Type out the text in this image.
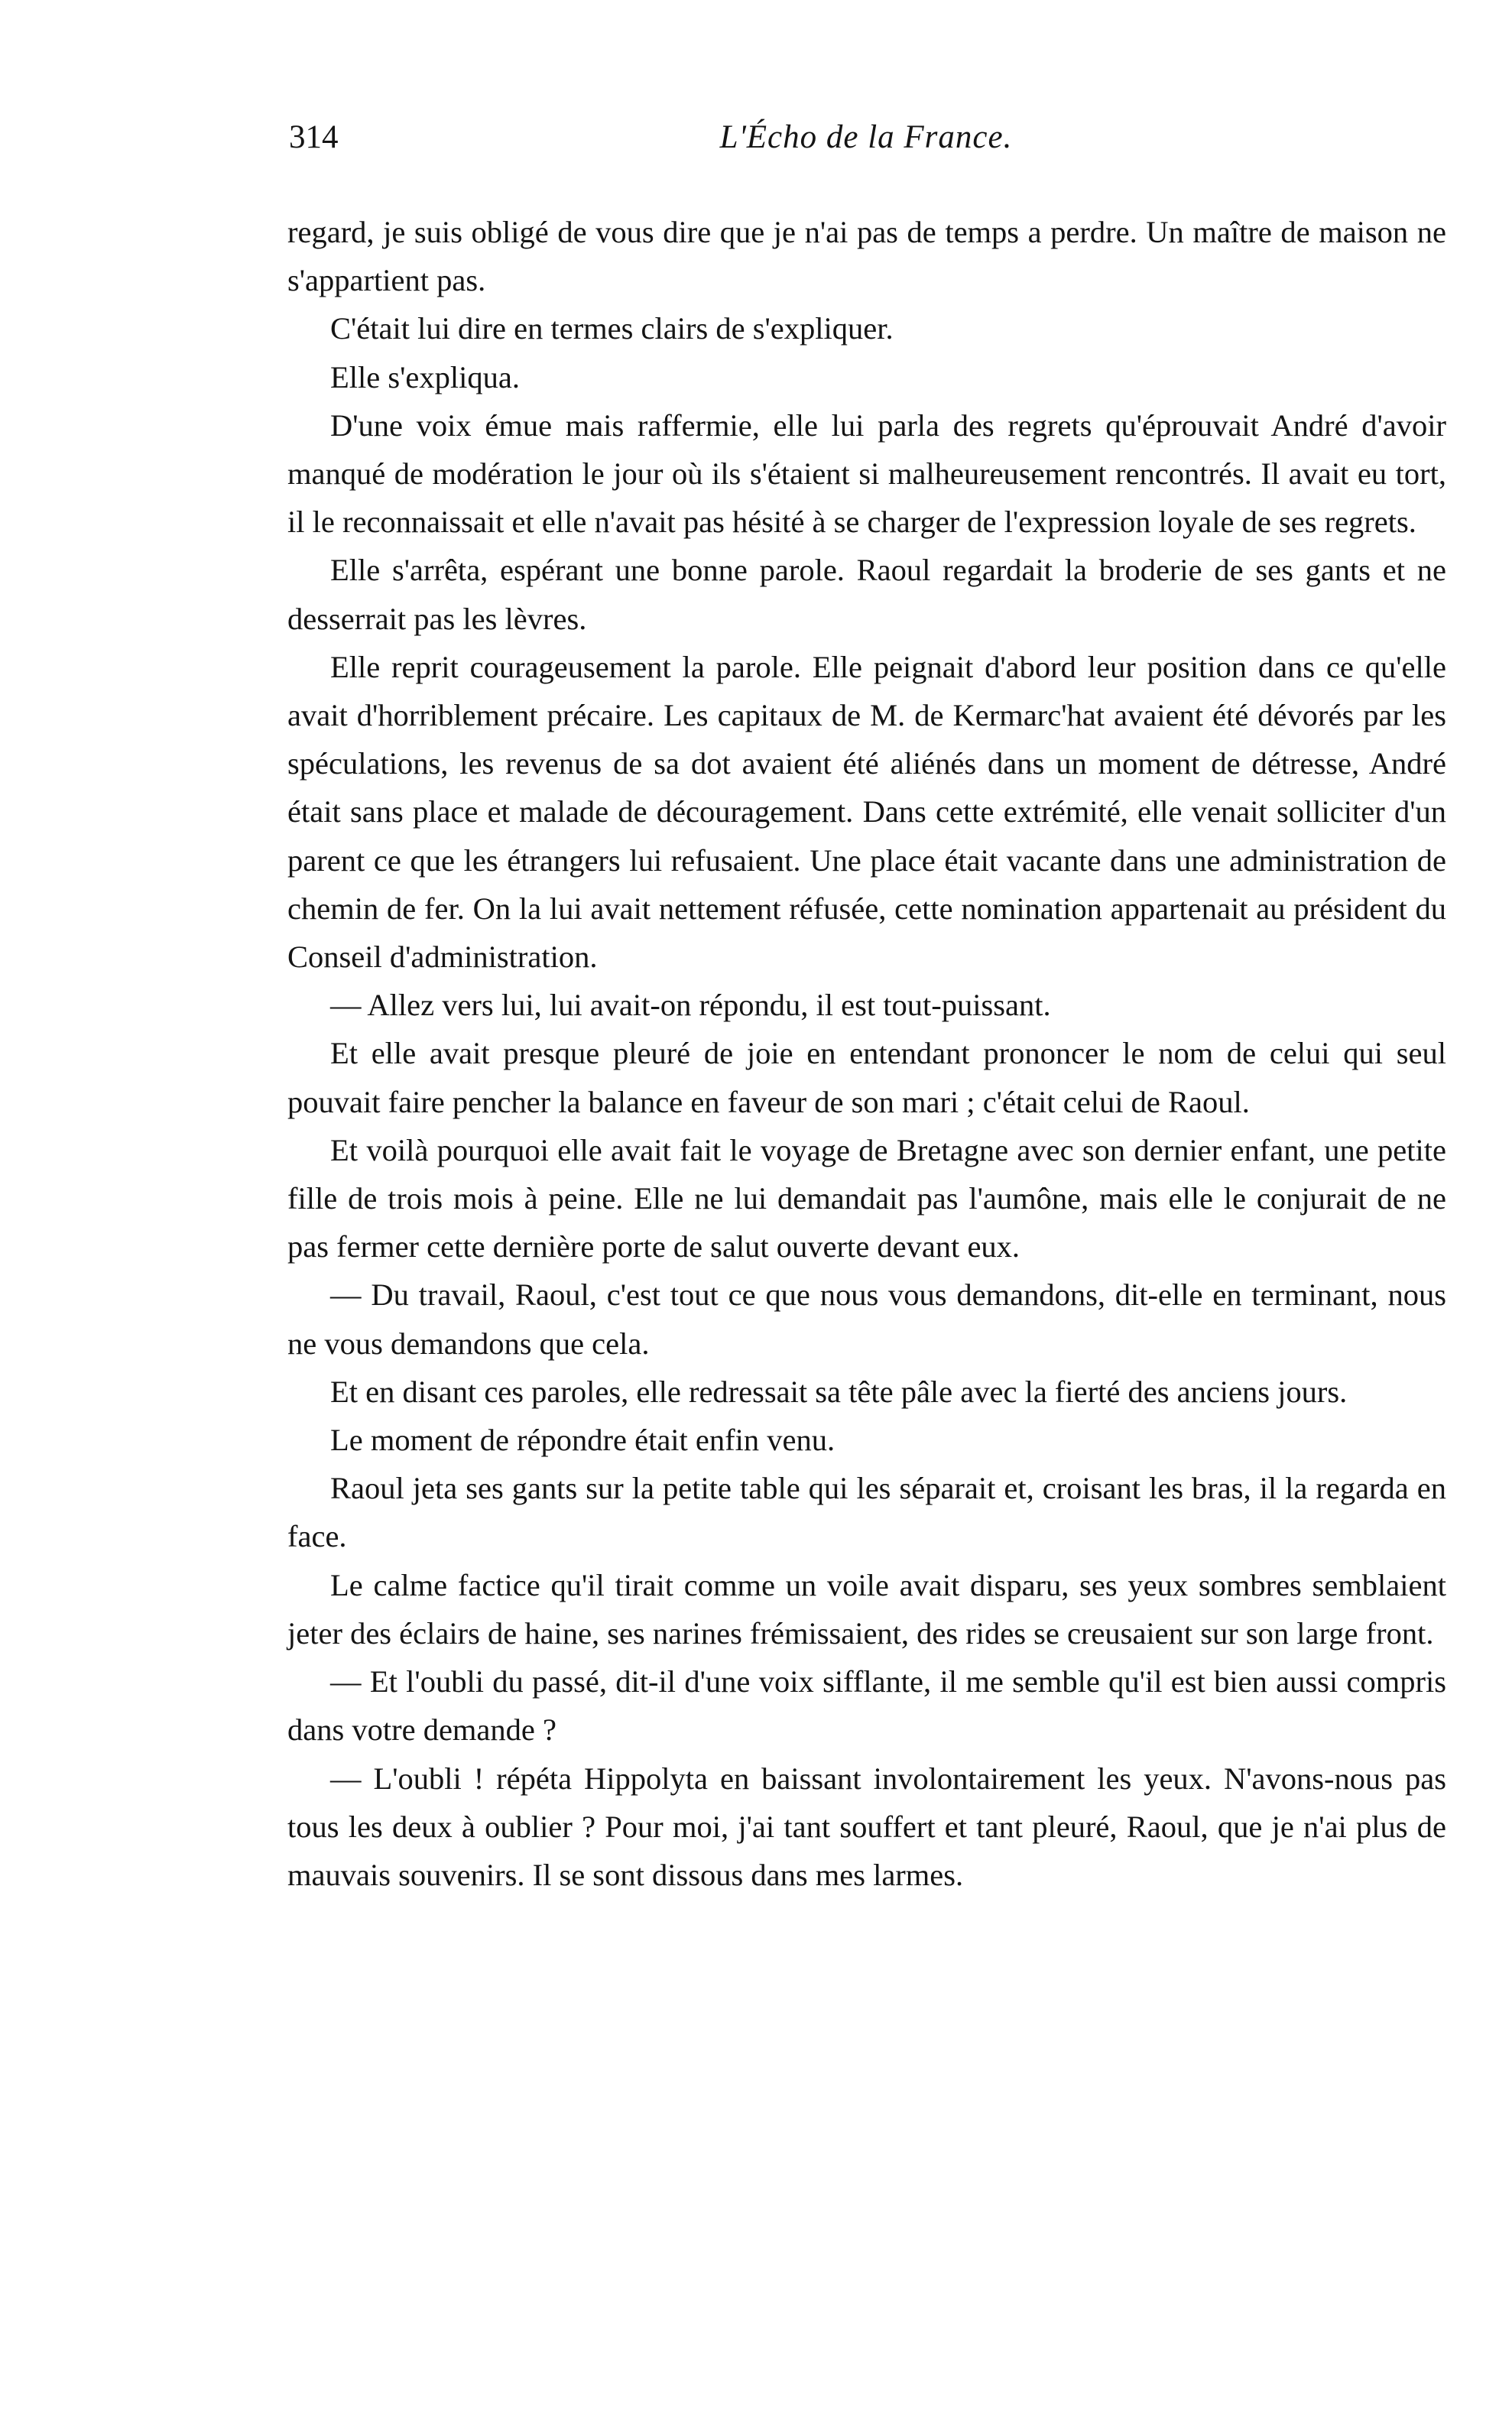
314	L'Écho de la France.

regard, je suis obligé de vous dire que je n'ai pas de temps a perdre. Un maître de maison ne s'appartient pas.

C'était lui dire en termes clairs de s'expliquer.

Elle s'expliqua.

D'une voix émue mais raffermie, elle lui parla des regrets qu'éprouvait André d'avoir manqué de modération le jour où ils s'étaient si malheureusement rencontrés. Il avait eu tort, il le reconnaissait et elle n'avait pas hésité à se charger de l'expression loyale de ses regrets.

Elle s'arrêta, espérant une bonne parole. Raoul regardait la broderie de ses gants et ne desserrait pas les lèvres.

Elle reprit courageusement la parole. Elle peignait d'abord leur position dans ce qu'elle avait d'horriblement précaire. Les capitaux de M. de Kermarc'hat avaient été dévorés par les spéculations, les revenus de sa dot avaient été aliénés dans un moment de détresse, André était sans place et malade de découragement. Dans cette extrémité, elle venait solliciter d'un parent ce que les étrangers lui refusaient. Une place était vacante dans une administration de chemin de fer. On la lui avait nettement réfusée, cette nomination appartenait au président du Conseil d'administration.

— Allez vers lui, lui avait-on répondu, il est tout-puissant.

Et elle avait presque pleuré de joie en entendant prononcer le nom de celui qui seul pouvait faire pencher la balance en faveur de son mari ; c'était celui de Raoul.

Et voilà pourquoi elle avait fait le voyage de Bretagne avec son dernier enfant, une petite fille de trois mois à peine. Elle ne lui demandait pas l'aumône, mais elle le conjurait de ne pas fermer cette dernière porte de salut ouverte devant eux.

— Du travail, Raoul, c'est tout ce que nous vous demandons, dit-elle en terminant, nous ne vous demandons que cela.

Et en disant ces paroles, elle redressait sa tête pâle avec la fierté des anciens jours.

Le moment de répondre était enfin venu.

Raoul jeta ses gants sur la petite table qui les séparait et, croisant les bras, il la regarda en face.

Le calme factice qu'il tirait comme un voile avait disparu, ses yeux sombres semblaient jeter des éclairs de haine, ses narines frémissaient, des rides se creusaient sur son large front.

— Et l'oubli du passé, dit-il d'une voix sifflante, il me semble qu'il est bien aussi compris dans votre demande ?

— L'oubli ! répéta Hippolyta en baissant involontairement les yeux. N'avons-nous pas tous les deux à oublier ? Pour moi, j'ai tant souffert et tant pleuré, Raoul, que je n'ai plus de mauvais souvenirs. Il se sont dissous dans mes larmes.
